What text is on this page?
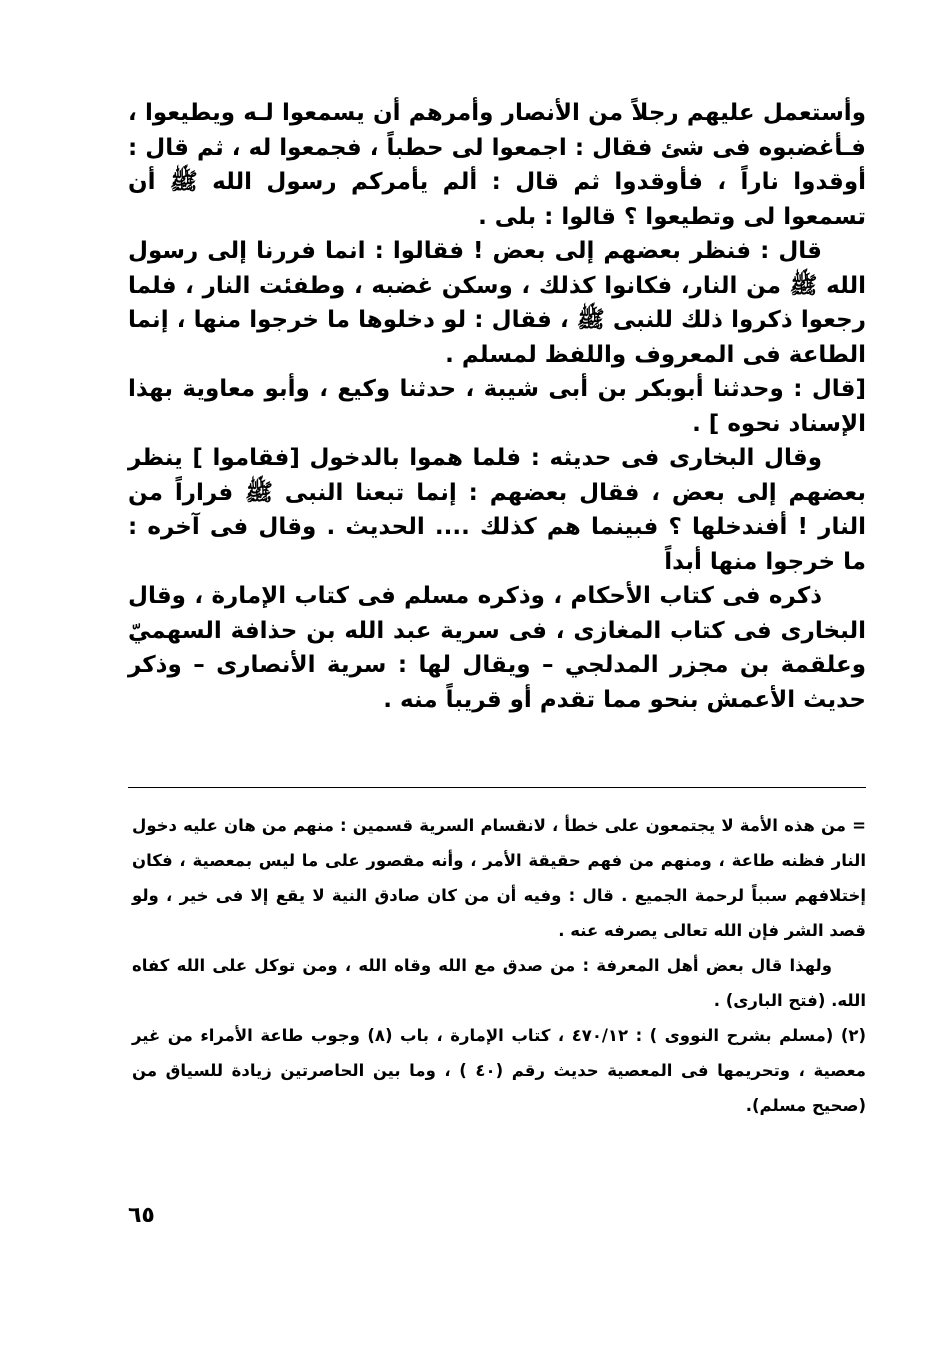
وأستعمل عليهم رجلاً من الأنصار وأمرهم أن يسمعوا لـه ويطيعوا ، فـأغضبوه فى شئ فقال : اجمعوا لى حطباً ، فجمعوا له ، ثم قال : أوقدوا ناراً ، فأوقدوا ثم قال : ألم يأمركم رسول الله ﷺ أن تسمعوا لى وتطيعوا ؟ قالوا : بلى .

قال : فنظر بعضهم إلى بعض ! فقالوا : انما فررنا إلى رسول الله ﷺ من النار، فكانوا كذلك ، وسكن غضبه ، وطفئت النار ، فلما رجعوا ذكروا ذلك للنبى ﷺ ، فقال : لو دخلوها ما خرجوا منها ، إنما الطاعة فى المعروف واللفظ لمسلم .

[قال : وحدثنا أبوبكر بن أبى شيبة ، حدثنا وكيع ، وأبو معاوية بهذا الإسناد نحوه ] .

وقال البخارى فى حديثه : فلما هموا بالدخول [فقاموا ] ينظر بعضهم إلى بعض ، فقال بعضهم : إنما تبعنا النبى ﷺ فراراً من النار ! أفندخلها ؟ فبينما هم كذلك .... الحديث . وقال فى آخره : ما خرجوا منها أبداً

ذكره فى كتاب الأحكام ، وذكره مسلم فى كتاب الإمارة ، وقال البخارى فى كتاب المغازى ، فى سرية عبد الله بن حذافة السهميّ وعلقمة بن مجزر المدلجي – ويقال لها : سرية الأنصارى – وذكر حديث الأعمش بنحو مما تقدم أو قريباً منه .

= من هذه الأمة لا يجتمعون على خطأ ، لانقسام السرية قسمين : منهم من هان عليه دخول النار فظنه طاعة ، ومنهم من فهم حقيقة الأمر ، وأنه مقصور على ما ليس بمعصية ، فكان إختلافهم سبباً لرحمة الجميع . قال : وفيه أن من كان صادق النية لا يقع إلا فى خير ، ولو قصد الشر فإن الله تعالى يصرفه عنه .

ولهذا قال بعض أهل المعرفة : من صدق مع الله وقاه الله ، ومن توكل على الله كفاه الله. (فتح البارى) .

(٢) (مسلم بشرح النووى ) : ٤٧٠/١٢ ، كتاب الإمارة ، باب (٨) وجوب طاعة الأمراء من غير معصية ، وتحريمها فى المعصية حديث رقم (٤٠ ) ، وما بين الحاصرتين زيادة للسياق من (صحيح مسلم).

٦٥
